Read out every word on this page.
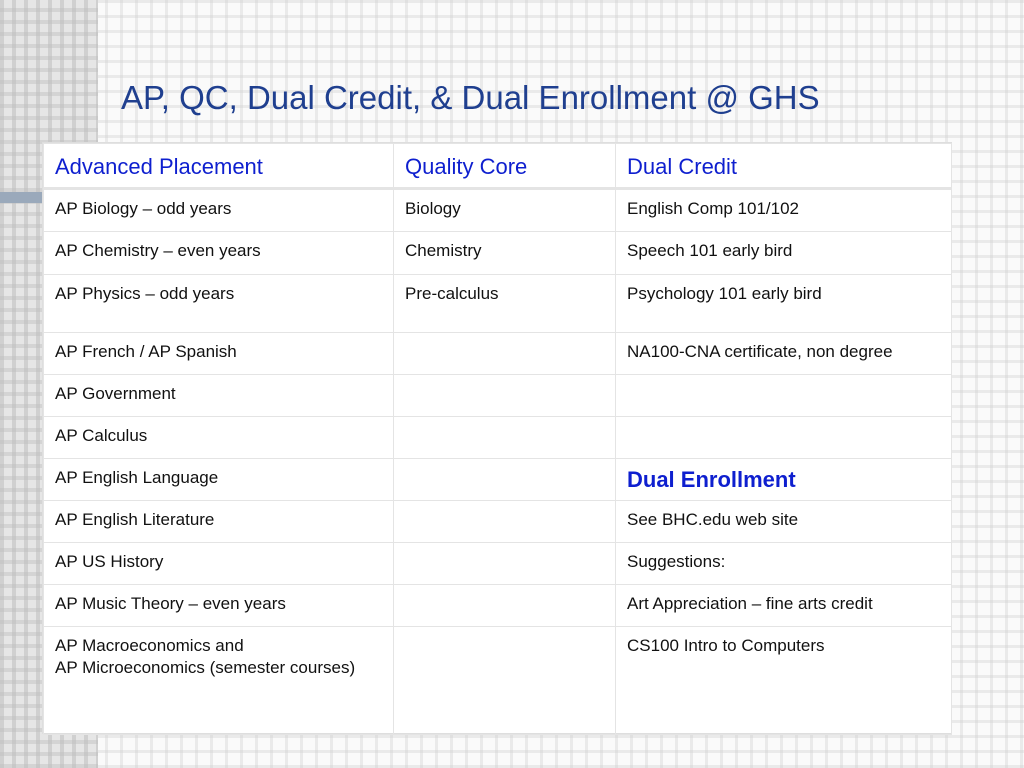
AP, QC, Dual Credit, & Dual Enrollment @ GHS
Advanced Placement	Quality Core	Dual Credit
AP Biology – odd years	Biology	English Comp 101/102
AP Chemistry – even years	Chemistry	Speech 101 early bird
AP Physics – odd years	Pre-calculus	Psychology 101 early bird
AP French / AP Spanish		NA100-CNA certificate, non degree
AP Government		
AP Calculus		
AP English Language		Dual Enrollment
AP English Literature		See BHC.edu web site
AP US History		Suggestions:
AP Music Theory – even years		Art Appreciation – fine arts credit
AP Macroeconomics and
AP Microeconomics (semester courses)		CS100 Intro to Computers
